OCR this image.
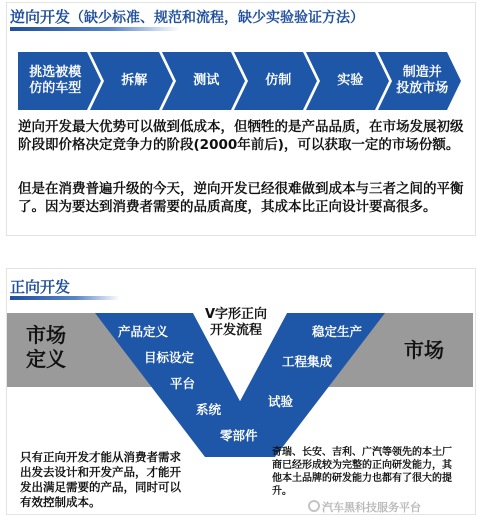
逆向开发（缺少标准、规范和流程，缺少实验验证方法）
挑选被模
仿的车型
拆解	测试	仿制	实验
制造并
投放市场
逆向开发最大优势可以做到低成本，但牺牲的是产品品质，在市场发展初级阶段即价格决定竞争力的阶段(2000年前后)，可以获取一定的市场份额。
但是在消费普遍升级的今天，逆向开发已经很难做到成本与三者之间的平衡了。因为要达到消费者需要的品质高度，其成本比正向设计要高很多。
正向开发
V字形正向
开发流程
市场
定义	市场
产品定义
目标设定
平台
系统
零部件
稳定生产
工程集成
试验
只有正向开发才能从消费者需求出发去设计和开发产品，才能开发出满足需要的产品，同时可以有效控制成本。
奇瑞、长安、吉利、广汽等领先的本土厂商已经形成较为完整的正向研发能力，其他本土品牌的研发能力也都有了很大的提升。
汽车黑科技服务平台
